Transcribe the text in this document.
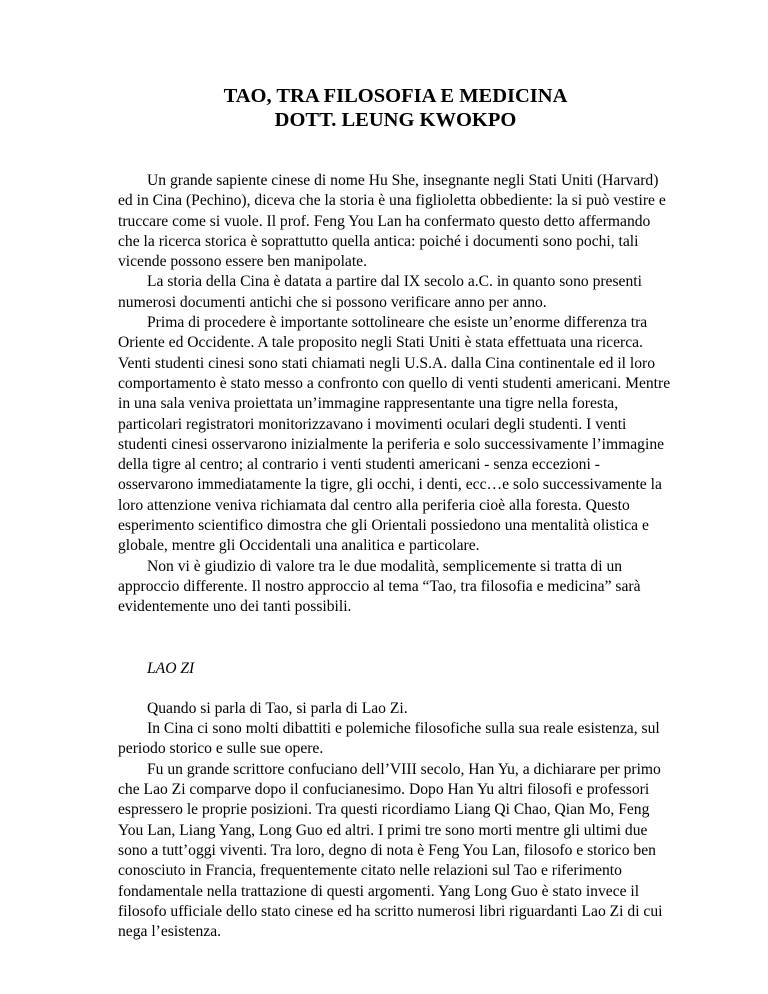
TAO, TRA FILOSOFIA E MEDICINA
DOTT. LEUNG KWOKPO

Un grande sapiente cinese di nome Hu She, insegnante negli Stati Uniti (Harvard) ed in Cina (Pechino), diceva che la storia è una figlioletta obbediente: la si può vestire e truccare come si vuole. Il prof. Feng You Lan ha confermato questo detto affermando che la ricerca storica è soprattutto quella antica: poiché i documenti sono pochi, tali vicende possono essere ben manipolate.

La storia della Cina è datata a partire dal IX secolo a.C. in quanto sono presenti numerosi documenti antichi che si possono verificare anno per anno.

Prima di procedere è importante sottolineare che esiste un’enorme differenza tra Oriente ed Occidente. A tale proposito negli Stati Uniti è stata effettuata una ricerca. Venti studenti cinesi sono stati chiamati negli U.S.A. dalla Cina continentale ed il loro comportamento è stato messo a confronto con quello di venti studenti americani. Mentre in una sala veniva proiettata un’immagine rappresentante una tigre nella foresta, particolari registratori monitorizzavano i movimenti oculari degli studenti. I venti studenti cinesi osservarono inizialmente la periferia e solo successivamente l’immagine della tigre al centro; al contrario i venti studenti americani - senza eccezioni - osservarono immediatamente la tigre, gli occhi, i denti, ecc…e solo successivamente la loro attenzione veniva richiamata dal centro alla periferia cioè alla foresta. Questo esperimento scientifico dimostra che gli Orientali possiedono una mentalità olistica e globale, mentre gli Occidentali una analitica e particolare.

Non vi è giudizio di valore tra le due modalità, semplicemente si tratta di un approccio differente. Il nostro approccio al tema “Tao, tra filosofia e medicina” sarà evidentemente uno dei tanti possibili.

LAO ZI

Quando si parla di Tao, si parla di Lao Zi.

In Cina ci sono molti dibattiti e polemiche filosofiche sulla sua reale esistenza, sul periodo storico e sulle sue opere.

Fu un grande scrittore confuciano dell’VIII secolo, Han Yu, a dichiarare per primo che Lao Zi comparve dopo il confucianesimo. Dopo Han Yu altri filosofi e professori espressero le proprie posizioni. Tra questi ricordiamo Liang Qi Chao, Qian Mo, Feng You Lan, Liang Yang, Long Guo ed altri. I primi tre sono morti mentre gli ultimi due sono a tutt’oggi viventi. Tra loro, degno di nota è Feng You Lan, filosofo e storico ben conosciuto in Francia, frequentemente citato nelle relazioni sul Tao e riferimento fondamentale nella trattazione di questi argomenti. Yang Long Guo è stato invece il filosofo ufficiale dello stato cinese ed ha scritto numerosi libri riguardanti Lao Zi di cui nega l’esistenza.
